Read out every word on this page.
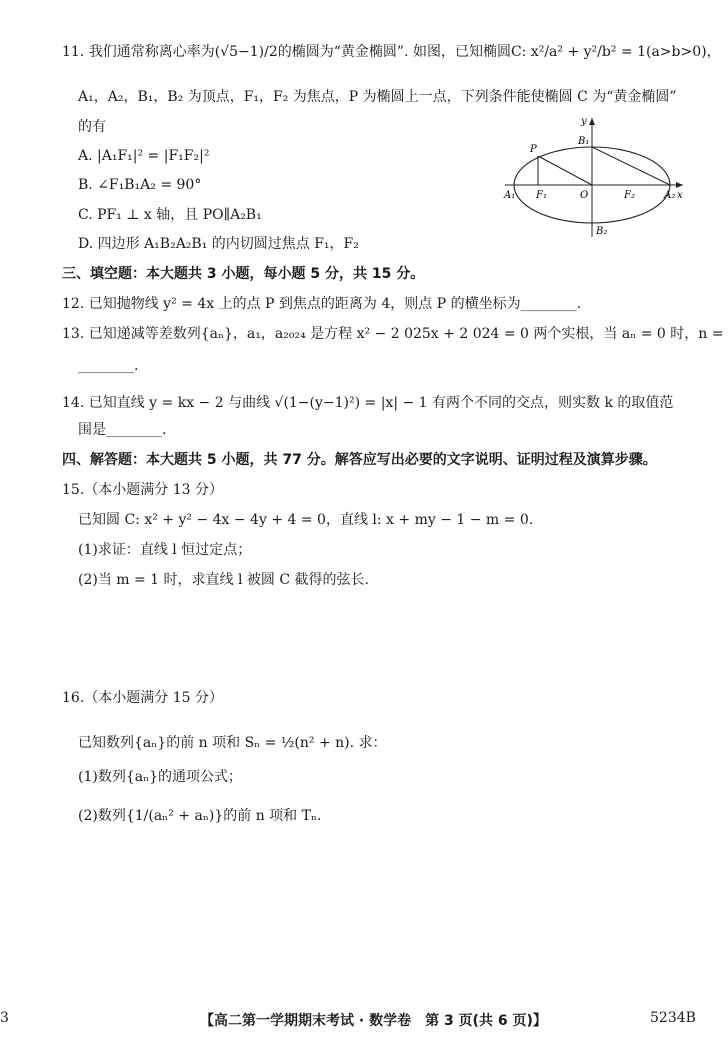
11. 我们通常称离心率为(√5−1)/2的椭圆为“黄金椭圆”. 如图，已知椭圆C: x²/a² + y²/b² = 1(a>b>0)，
A₁，A₂，B₁，B₂ 为顶点，F₁，F₂ 为焦点，P 为椭圆上一点，下列条件能使椭圆 C 为“黄金椭圆”
的有
A. |A₁F₁|² = |F₁F₂|²
B. ∠F₁B₁A₂ = 90°
C. PF₁ ⊥ x 轴，且 PO∥A₂B₁
D. 四边形 A₁B₂A₂B₁ 的内切圆过焦点 F₁，F₂
y
x
P
B₁
B₂
A₁	A₂
F₁	F₂
O
三、填空题：本大题共 3 小题，每小题 5 分，共 15 分。
12. 已知抛物线 y² = 4x 上的点 P 到焦点的距离为 4，则点 P 的横坐标为________.
13. 已知递减等差数列{aₙ}，a₁，a₂₀₂₄ 是方程 x² − 2 025x + 2 024 = 0 两个实根，当 aₙ = 0 时，n =
________.
14. 已知直线 y = kx − 2 与曲线 √(1−(y−1)²) = |x| − 1 有两个不同的交点，则实数 k 的取值范
围是________.
四、解答题：本大题共 5 小题，共 77 分。解答应写出必要的文字说明、证明过程及演算步骤。
15.（本小题满分 13 分）
已知圆 C: x² + y² − 4x − 4y + 4 = 0，直线 l: x + my − 1 − m = 0.
(1)求证：直线 l 恒过定点；
(2)当 m = 1 时，求直线 l 被圆 C 截得的弦长.
16.（本小题满分 15 分）
已知数列{aₙ}的前 n 项和 Sₙ = ½(n² + n). 求：
(1)数列{aₙ}的通项公式；
(2)数列{1/(aₙ² + aₙ)}的前 n 项和 Tₙ.
3	【高二第一学期期末考试 · 数学卷　第 3 页(共 6 页)】	5234B
